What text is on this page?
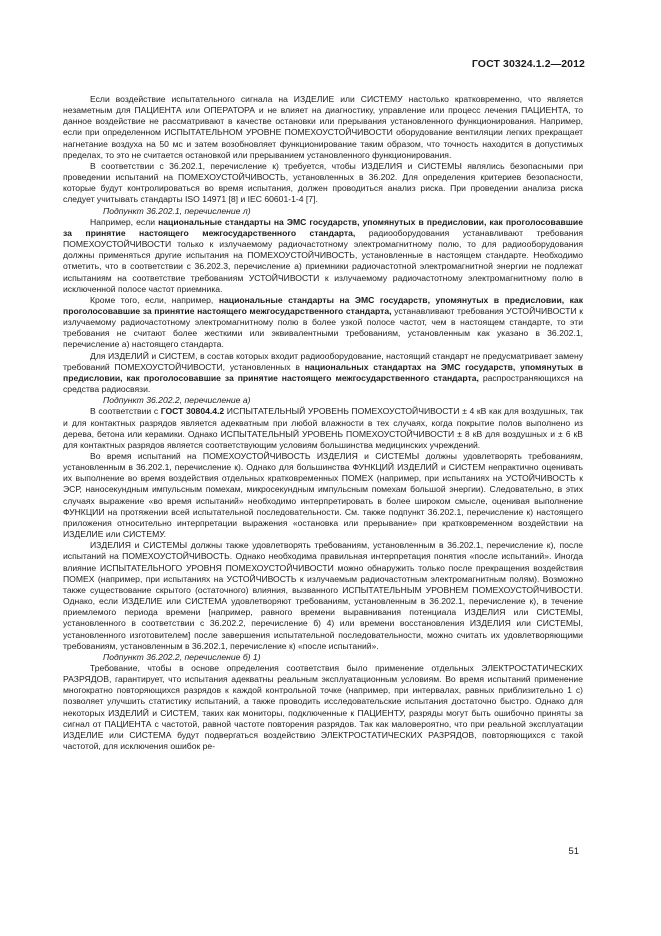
ГОСТ 30324.1.2—2012

Если воздействие испытательного сигнала на ИЗДЕЛИЕ или СИСТЕМУ настолько кратковременно, что является незаметным для ПАЦИЕНТА или ОПЕРАТОРА и не влияет на диагностику, управление или процесс лечения ПАЦИЕНТА, то данное воздействие не рассматривают в качестве остановки или прерывания установленного функционирования. Например, если при определенном ИСПЫТАТЕЛЬНОМ УРОВНЕ ПОМЕХОУСТОЙЧИВОСТИ оборудование вентиляции легких прекращает нагнетание воздуха на 50 мс и затем возобновляет функционирование таким образом, что точность находится в допустимых пределах, то это не считается остановкой или прерыванием установленного функционирования.

В соответствии с 36.202.1, перечисление к) требуется, чтобы ИЗДЕЛИЯ и СИСТЕМЫ являлись безопасными при проведении испытаний на ПОМЕХОУСТОЙЧИВОСТЬ, установленных в 36.202. Для определения критериев безопасности, которые будут контролироваться во время испытания, должен проводиться анализ риска. При проведении анализа риска следует учитывать стандарты ISO 14971 [8] и IEC 60601-1-4 [7].

Подпункт 36.202.1, перечисление л)

Например, если национальные стандарты на ЭМС государств, упомянутых в предисловии, как проголосовавшие за принятие настоящего межгосударственного стандарта, радиооборудования устанавливают требования ПОМЕХОУСТОЙЧИВОСТИ только к излучаемому радиочастотному электромагнитному полю, то для радиооборудования должны применяться другие испытания на ПОМЕХОУСТОЙЧИВОСТЬ, установленные в настоящем стандарте. Необходимо отметить, что в соответствии с 36.202.3, перечисление а) приемники радиочастотной электромагнитной энергии не подлежат испытаниям на соответствие требованиям УСТОЙЧИВОСТИ к излучаемому радиочастотному электромагнитному полю в исключенной полосе частот приемника.

Кроме того, если, например, национальные стандарты на ЭМС государств, упомянутых в предисловии, как проголосовавшие за принятие настоящего межгосударственного стандарта, устанавливают требования УСТОЙЧИВОСТИ к излучаемому радиочастотному электромагнитному полю в более узкой полосе частот, чем в настоящем стандарте, то эти требования не считают более жесткими или эквивалентными требованиям, установленным как указано в 36.202.1, перечисление а) настоящего стандарта.

Для ИЗДЕЛИЙ и СИСТЕМ, в состав которых входит радиооборудование, настоящий стандарт не предусматривает замену требований ПОМЕХОУСТОЙЧИВОСТИ, установленных в национальных стандартах на ЭМС государств, упомянутых в предисловии, как проголосовавшие за принятие настоящего межгосударственного стандарта, распространяющихся на средства радиосвязи.

Подпункт 36.202.2, перечисление а)

В соответствии с ГОСТ 30804.4.2 ИСПЫТАТЕЛЬНЫЙ УРОВЕНЬ ПОМЕХОУСТОЙЧИВОСТИ ± 4 кВ как для воздушных, так и для контактных разрядов является адекватным при любой влажности в тех случаях, когда покрытие полов выполнено из дерева, бетона или керамики. Однако ИСПЫТАТЕЛЬНЫЙ УРОВЕНЬ ПОМЕХОУСТОЙЧИВОСТИ ± 8 кВ для воздушных и ± 6 кВ для контактных разрядов является соответствующим условиям большинства медицинских учреждений.

Во время испытаний на ПОМЕХОУСТОЙЧИВОСТЬ ИЗДЕЛИЯ и СИСТЕМЫ должны удовлетворять требованиям, установленным в 36.202.1, перечисление к). Однако для большинства ФУНКЦИЙ ИЗДЕЛИЙ и СИСТЕМ непрактично оценивать их выполнение во время воздействия отдельных кратковременных ПОМЕХ (например, при испытаниях на УСТОЙЧИВОСТЬ к ЭСР, наносекундным импульсным помехам, микросекундным импульсным помехам большой энергии). Следовательно, в этих случаях выражение «во время испытаний» необходимо интерпретировать в более широком смысле, оценивая выполнение ФУНКЦИИ на протяжении всей испытательной последовательности. См. также подпункт 36.202.1, перечисление к) настоящего приложения относительно интерпретации выражения «остановка или прерывание» при кратковременном воздействии на ИЗДЕЛИЕ или СИСТЕМУ.

ИЗДЕЛИЯ и СИСТЕМЫ должны также удовлетворять требованиям, установленным в 36.202.1, перечисление к), после испытаний на ПОМЕХОУСТОЙЧИВОСТЬ. Однако необходима правильная интерпретация понятия «после испытаний». Иногда влияние ИСПЫТАТЕЛЬНОГО УРОВНЯ ПОМЕХОУСТОЙЧИВОСТИ можно обнаружить только после прекращения воздействия ПОМЕХ (например, при испытаниях на УСТОЙЧИВОСТЬ к излучаемым радиочастотным электромагнитным полям). Возможно также существование скрытого (остаточного) влияния, вызванного ИСПЫТАТЕЛЬНЫМ УРОВНЕМ ПОМЕХОУСТОЙЧИВОСТИ. Однако, если ИЗДЕЛИЕ или СИСТЕМА удовлетворяют требованиям, установленным в 36.202.1, перечисление к), в течение приемлемого периода времени [например, равного времени выравнивания потенциала ИЗДЕЛИЯ или СИСТЕМЫ, установленного в соответствии с 36.202.2, перечисление б) 4) или времени восстановления ИЗДЕЛИЯ или СИСТЕМЫ, установленного изготовителем] после завершения испытательной последовательности, можно считать их удовлетворяющими требованиям, установленным в 36.202.1, перечисление к) «после испытаний».

Подпункт 36.202.2, перечисление б) 1)

Требование, чтобы в основе определения соответствия было применение отдельных ЭЛЕКТРОСТАТИЧЕСКИХ РАЗРЯДОВ, гарантирует, что испытания адекватны реальным эксплуатационным условиям. Во время испытаний применение многократно повторяющихся разрядов к каждой контрольной точке (например, при интервалах, равных приблизительно 1 с) позволяет улучшить статистику испытаний, а также проводить исследовательские испытания достаточно быстро. Однако для некоторых ИЗДЕЛИЙ и СИСТЕМ, таких как мониторы, подключенные к ПАЦИЕНТУ, разряды могут быть ошибочно приняты за сигнал от ПАЦИЕНТА с частотой, равной частоте повторения разрядов. Так как маловероятно, что при реальной эксплуатации ИЗДЕЛИЕ или СИСТЕМА будут подвергаться воздействию ЭЛЕКТРОСТАТИЧЕСКИХ РАЗРЯДОВ, повторяющихся с такой частотой, для исключения ошибок ре-

51
